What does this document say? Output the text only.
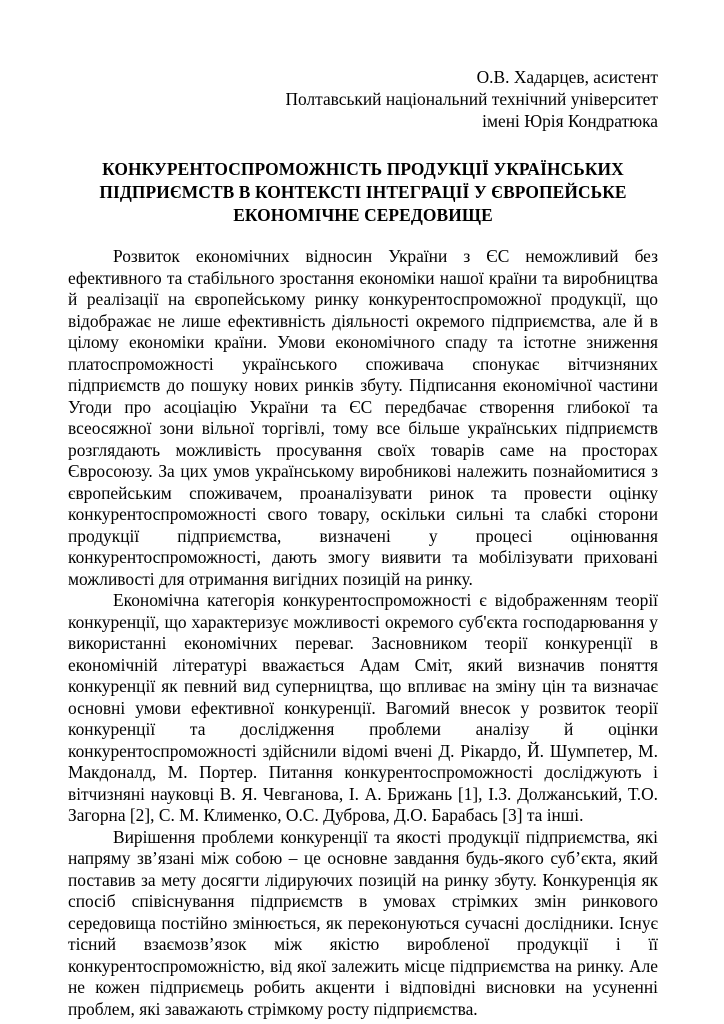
О.В. Хадарцев, асистент
Полтавський національний технічний університет
імені Юрія Кондратюка
КОНКУРЕНТОСПРОМОЖНІСТЬ ПРОДУКЦІЇ УКРАЇНСЬКИХ
ПІДПРИЄМСТВ В КОНТЕКСТІ ІНТЕГРАЦІЇ У ЄВРОПЕЙСЬКЕ
ЕКОНОМІЧНЕ СЕРЕДОВИЩЕ

Розвиток економічних відносин України з ЄС неможливий без ефективного та стабільного зростання економіки нашої країни та виробництва й реалізації на європейському ринку конкурентоспроможної продукції, що відображає не лише ефективність діяльності окремого підприємства, але й в цілому економіки країни. Умови економічного спаду та істотне зниження платоспроможності українського споживача спонукає вітчизняних підприємств до пошуку нових ринків збуту. Підписання економічної частини Угоди про асоціацію України та ЄС передбачає створення глибокої та всеосяжної зони вільної торгівлі, тому все більше українських підприємств розглядають можливість просування своїх товарів саме на просторах Євросоюзу. За цих умов українському виробникові належить познайомитися з європейським споживачем, проаналізувати ринок та провести оцінку конкурентоспроможності свого товару, оскільки сильні та слабкі сторони продукції підприємства, визначені у процесі оцінювання конкурентоспроможності, дають змогу виявити та мобілізувати приховані можливості для отримання вигідних позицій на ринку.

Економічна категорія конкурентоспроможності є відображенням теорії конкуренції, що характеризує можливості окремого суб'єкта господарювання у використанні економічних переваг. Засновником теорії конкуренції в економічній літературі вважається Адам Сміт, який визначив поняття конкуренції як певний вид суперництва, що впливає на зміну цін та визначає основні умови ефективної конкуренції. Вагомий внесок у розвиток теорії конкуренції та дослідження проблеми аналізу й оцінки конкурентоспроможності здійснили відомі вчені Д. Рікардо, Й. Шумпетер, М. Макдоналд, М. Портер. Питання конкурентоспроможності досліджують і вітчизняні науковці В. Я. Чевганова, І. А. Брижань [1], І.З. Должанський, Т.О. Загорна [2], С. М. Клименко, О.С. Дуброва, Д.О. Барабась [3] та інші.

Вирішення проблеми конкуренції та якості продукції підприємства, які напряму зв’язані між собою – це основне завдання будь-якого суб’єкта, який поставив за мету досягти лідируючих позицій на ринку збуту. Конкуренція як спосіб співіснування підприємств в умовах стрімких змін ринкового середовища постійно змінюється, як переконуються сучасні дослідники. Існує тісний взаємозв’язок між якістю виробленої продукції і її конкурентоспроможністю, від якої залежить місце підприємства на ринку. Але не кожен підприємець робить акценти і відповідні висновки на усуненні проблем, які заважають стрімкому росту підприємства.
